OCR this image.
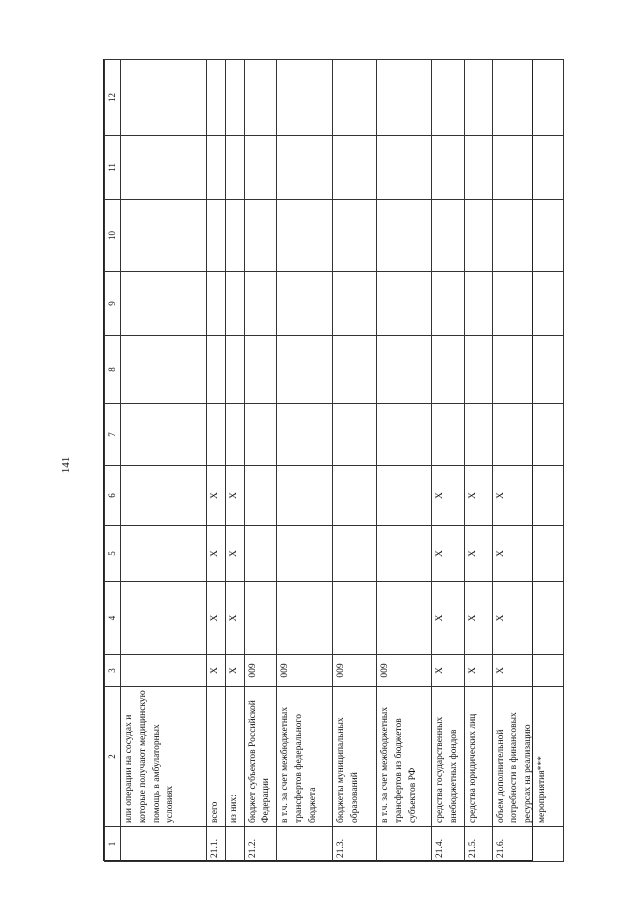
141
1	2	3	4	5	6	7	8	9	10	11	12
	или операции на сосудах и которые получают медицинскую помощь в амбулаторных условиях										
21.1.	всего	X	X	X	X						
	из них:	X	X	X	X						
21.2.	бюджет субъектов Российской Федерации	009									
	в т.ч. за счет межбюджетных трансфертов федерального бюджета	009									
21.3.	бюджеты муниципальных образований	009									
	в т.ч. за счет межбюджетных трансфертов из бюджетов субъектов РФ	009									
21.4.	средства государственных внебюджетных фондов	X	X	X	X						
21.5.	средства юридических лиц	X	X	X	X						
21.6.	объем дополнительной потребности в финансовых ресурсах на реализацию мероприятия***	X	X	X	X						
